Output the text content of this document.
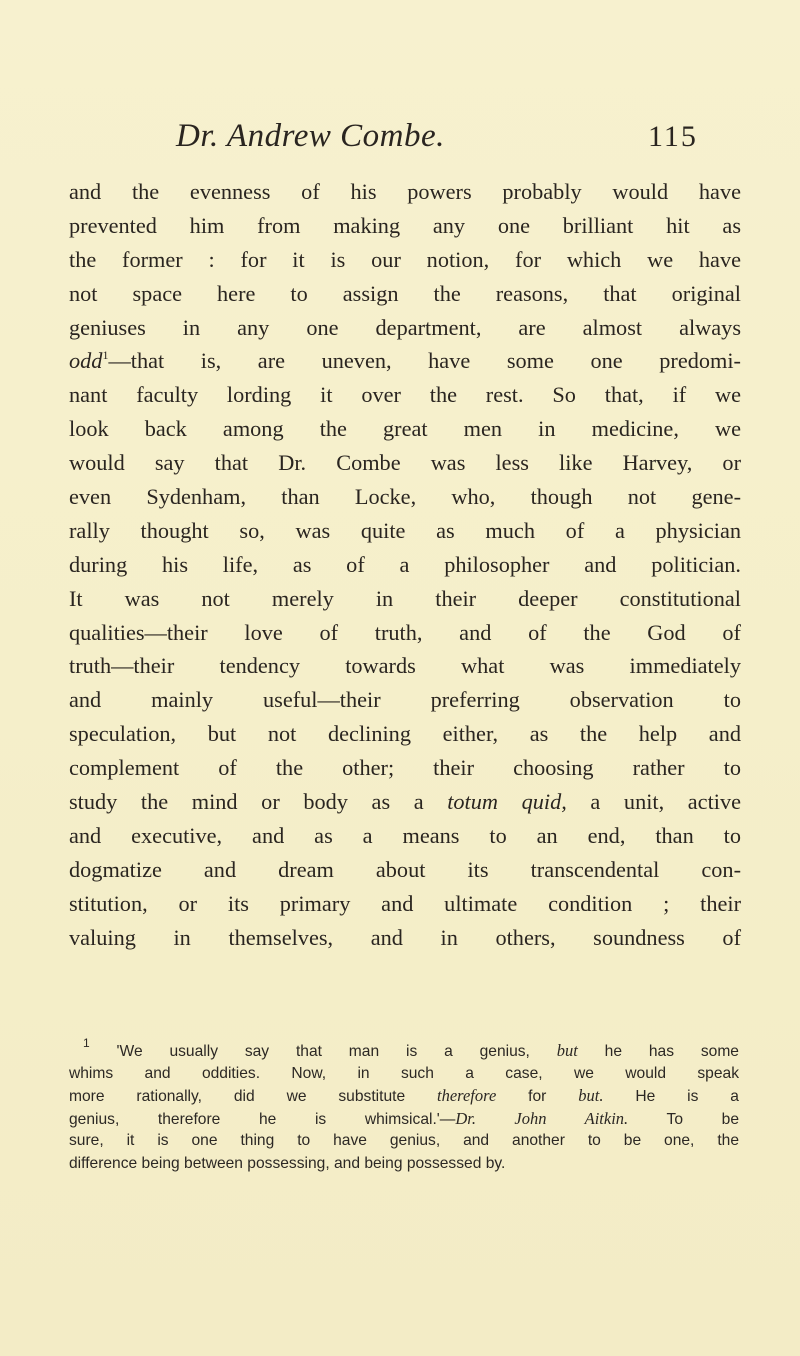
Dr. Andrew Combe.	115
and the evenness of his powers probably would have
prevented him from making any one brilliant hit as
the former : for it is our notion, for which we have
not space here to assign the reasons, that original
geniuses in any one department, are almost always
odd$^1$—that is, are uneven, have some one predomi-
nant faculty lording it over the rest. So that, if we
look back among the great men in medicine, we
would say that Dr. Combe was less like Harvey, or
even Sydenham, than Locke, who, though not gene-
rally thought so, was quite as much of a physician
during his life, as of a philosopher and politician.
It was not merely in their deeper constitutional
qualities—their love of truth, and of the God of
truth—their tendency towards what was immediately
and mainly useful—their preferring observation to
speculation, but not declining either, as the help and
complement of the other; their choosing rather to
study the mind or body as a totum quid, a unit, active
and executive, and as a means to an end, than to
dogmatize and dream about its transcendental con-
stitution, or its primary and ultimate condition ; their
valuing in themselves, and in others, soundness of
$^1$ 'We usually say that man is a genius, but he has some
whims and oddities. Now, in such a case, we would speak
more rationally, did we substitute therefore for but. He is a
genius, therefore he is whimsical.'—Dr. John Aitkin. To be
sure, it is one thing to have genius, and another to be one, the
difference being between possessing, and being possessed by.
